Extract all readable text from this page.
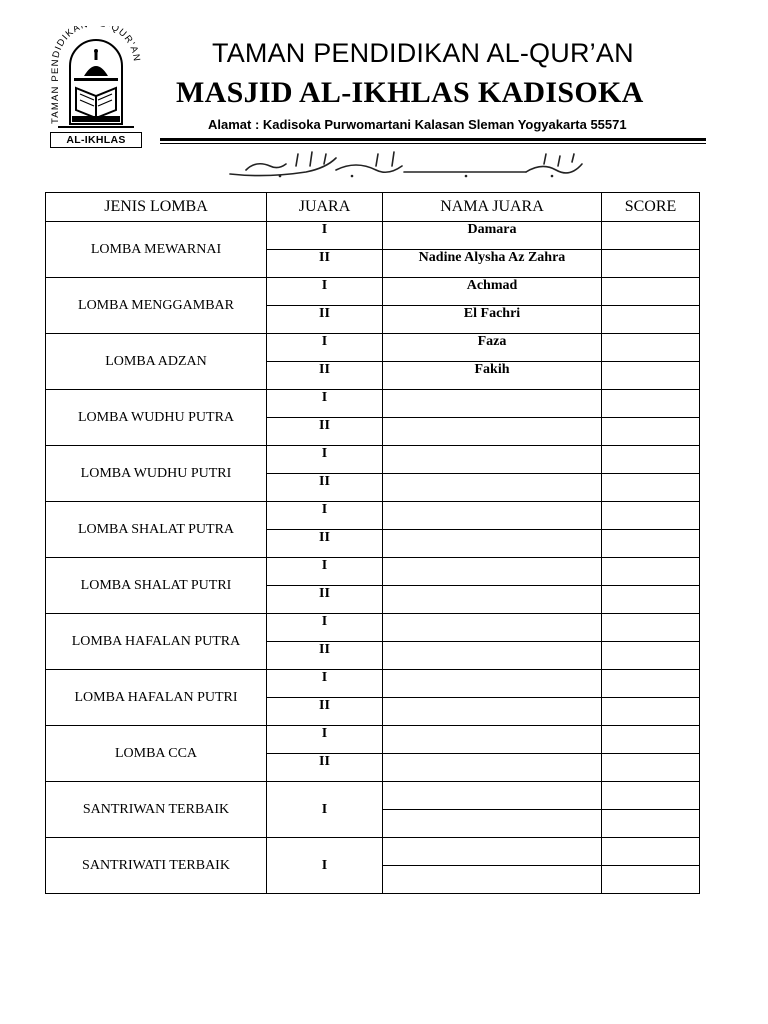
TAMAN PENDIDIKA QUR'AN
AL-IKHLAS
TAMAN PENDIDIKAN AL-QUR’AN
MASJID AL-IKHLAS KADISOKA
Alamat : Kadisoka Purwomartani Kalasan Sleman Yogyakarta 55571
JENIS LOMBA	JUARA	NAMA JUARA	SCORE
LOMBA MEWARNAI	I	Damara	
	II	Nadine Alysha Az Zahra	
LOMBA MENGGAMBAR	I	Achmad	
	II	El Fachri	
LOMBA ADZAN	I	Faza	
	II	Fakih	
LOMBA WUDHU PUTRA	I		
	II		
LOMBA WUDHU PUTRI	I		
	II		
LOMBA SHALAT PUTRA	I		
	II		
LOMBA SHALAT PUTRI	I		
	II		
LOMBA HAFALAN PUTRA	I		
	II		
LOMBA HAFALAN PUTRI	I		
	II		
LOMBA CCA	I		
	II		
SANTRIWAN TERBAIK	I		

SANTRIWATI TERBAIK	I		
